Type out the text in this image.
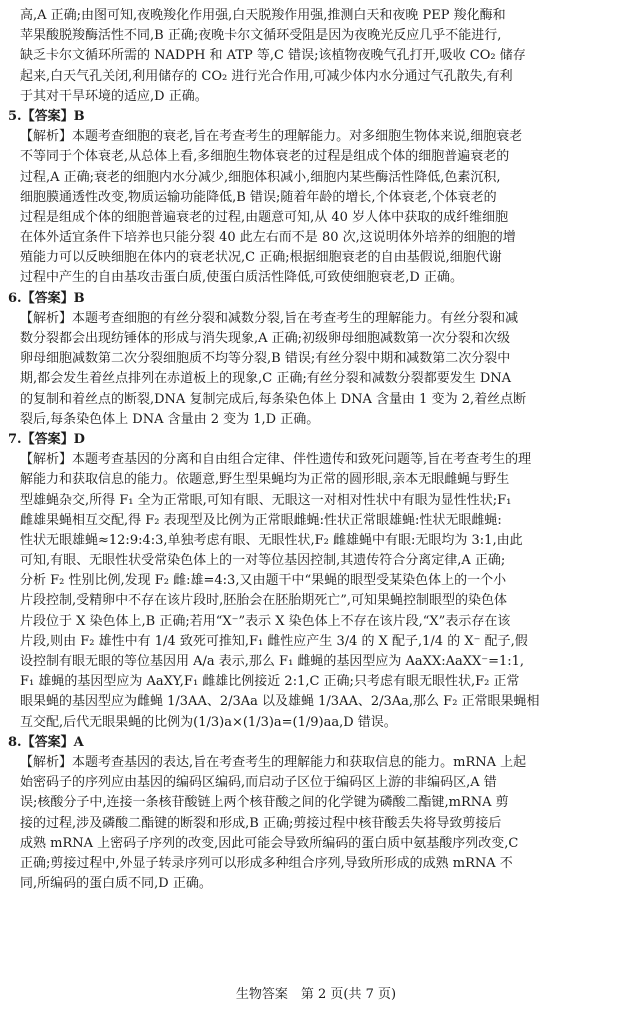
高,A 正确;由图可知,夜晚羧化作用强,白天脱羧作用强,推测白天和夜晚 PEP 羧化酶和
苹果酸脱羧酶活性不同,B 正确;夜晚卡尔文循环受阻是因为夜晚光反应几乎不能进行,
缺乏卡尔文循环所需的 NADPH 和 ATP 等,C 错误;该植物夜晚气孔打开,吸收 CO₂ 储存
起来,白天气孔关闭,利用储存的 CO₂ 进行光合作用,可减少体内水分通过气孔散失,有利
于其对干旱环境的适应,D 正确。
5.【答案】B
【解析】本题考查细胞的衰老,旨在考查考生的理解能力。对多细胞生物体来说,细胞衰老
不等同于个体衰老,从总体上看,多细胞生物体衰老的过程是组成个体的细胞普遍衰老的
过程,A 正确;衰老的细胞内水分减少,细胞体积减小,细胞内某些酶活性降低,色素沉积,
细胞膜通透性改变,物质运输功能降低,B 错误;随着年龄的增长,个体衰老,个体衰老的
过程是组成个体的细胞普遍衰老的过程,由题意可知,从 40 岁人体中获取的成纤维细胞
在体外适宜条件下培养也只能分裂 40 此左右而不是 80 次,这说明体外培养的细胞的增
殖能力可以反映细胞在体内的衰老状况,C 正确;根据细胞衰老的自由基假说,细胞代谢
过程中产生的自由基攻击蛋白质,使蛋白质活性降低,可致使细胞衰老,D 正确。
6.【答案】B
【解析】本题考查细胞的有丝分裂和减数分裂,旨在考查考生的理解能力。有丝分裂和减
数分裂都会出现纺锤体的形成与消失现象,A 正确;初级卵母细胞减数第一次分裂和次级
卵母细胞减数第二次分裂细胞质不均等分裂,B 错误;有丝分裂中期和减数第二次分裂中
期,都会发生着丝点排列在赤道板上的现象,C 正确;有丝分裂和减数分裂都要发生 DNA
的复制和着丝点的断裂,DNA 复制完成后,每条染色体上 DNA 含量由 1 变为 2,着丝点断
裂后,每条染色体上 DNA 含量由 2 变为 1,D 正确。
7.【答案】D
【解析】本题考查基因的分离和自由组合定律、伴性遗传和致死问题等,旨在考查考生的理
解能力和获取信息的能力。依题意,野生型果蝇均为正常的圆形眼,亲本无眼雌蝇与野生
型雄蝇杂交,所得 F₁ 全为正常眼,可知有眼、无眼这一对相对性状中有眼为显性性状;F₁
雌雄果蝇相互交配,得 F₂ 表现型及比例为正常眼雌蝇:性状正常眼雄蝇:性状无眼雌蝇:
性状无眼雄蝇≈12:9:4:3,单独考虑有眼、无眼性状,F₂ 雌雄蝇中有眼:无眼均为 3:1,由此
可知,有眼、无眼性状受常染色体上的一对等位基因控制,其遗传符合分离定律,A 正确;
分析 F₂ 性别比例,发现 F₂ 雌:雄=4:3,又由题干中“果蝇的眼型受某染色体上的一个小
片段控制,受精卵中不存在该片段时,胚胎会在胚胎期死亡”,可知果蝇控制眼型的染色体
片段位于 X 染色体上,B 正确;若用“X⁻”表示 X 染色体上不存在该片段,“X”表示存在该
片段,则由 F₂ 雄性中有 1/4 致死可推知,F₁ 雌性应产生 3/4 的 X 配子,1/4 的 X⁻ 配子,假
设控制有眼无眼的等位基因用 A/a 表示,那么 F₁ 雌蝇的基因型应为 AaXX:AaXX⁻=1:1,
F₁ 雄蝇的基因型应为 AaXY,F₁ 雌雄比例接近 2:1,C 正确;只考虑有眼无眼性状,F₂ 正常
眼果蝇的基因型应为雌蝇 1/3AA、2/3Aa 以及雄蝇 1/3AA、2/3Aa,那么 F₂ 正常眼果蝇相
互交配,后代无眼果蝇的比例为(1/3)a×(1/3)a=(1/9)aa,D 错误。
8.【答案】A
【解析】本题考查基因的表达,旨在考查考生的理解能力和获取信息的能力。mRNA 上起
始密码子的序列应由基因的编码区编码,而启动子区位于编码区上游的非编码区,A 错
误;核酸分子中,连接一条核苷酸链上两个核苷酸之间的化学键为磷酸二酯键,mRNA 剪
接的过程,涉及磷酸二酯键的断裂和形成,B 正确;剪接过程中核苷酸丢失将导致剪接后
成熟 mRNA 上密码子序列的改变,因此可能会导致所编码的蛋白质中氨基酸序列改变,C
正确;剪接过程中,外显子转录序列可以形成多种组合序列,导致所形成的成熟 mRNA 不
同,所编码的蛋白质不同,D 正确。
生物答案　第 2 页(共 7 页)
